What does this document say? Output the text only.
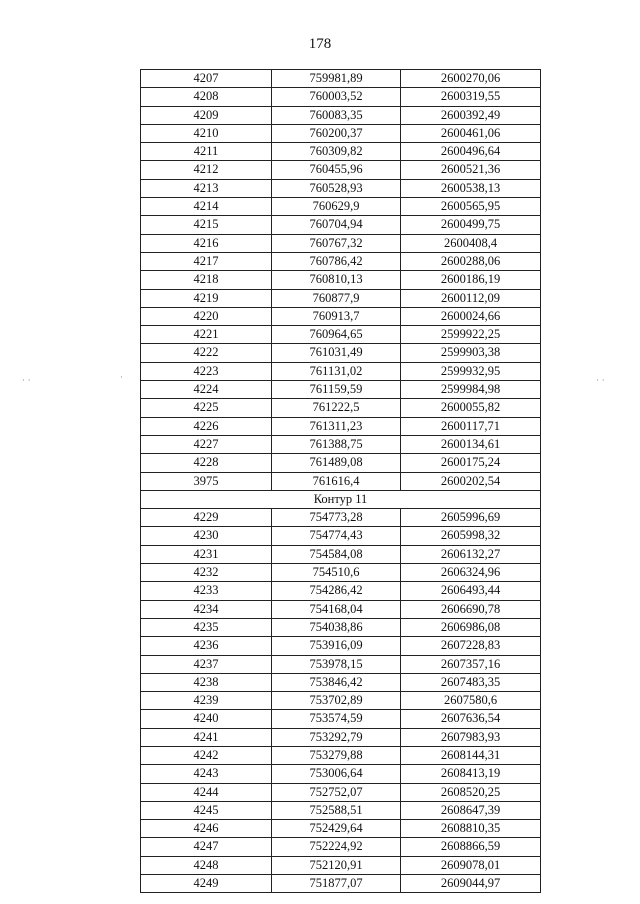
178
4207	759981,89	2600270,06
4208	760003,52	2600319,55
4209	760083,35	2600392,49
4210	760200,37	2600461,06
4211	760309,82	2600496,64
4212	760455,96	2600521,36
4213	760528,93	2600538,13
4214	760629,9	2600565,95
4215	760704,94	2600499,75
4216	760767,32	2600408,4
4217	760786,42	2600288,06
4218	760810,13	2600186,19
4219	760877,9	2600112,09
4220	760913,7	2600024,66
4221	760964,65	2599922,25
4222	761031,49	2599903,38
4223	761131,02	2599932,95
4224	761159,59	2599984,98
4225	761222,5	2600055,82
4226	761311,23	2600117,71
4227	761388,75	2600134,61
4228	761489,08	2600175,24
3975	761616,4	2600202,54
Контур 11		
4229	754773,28	2605996,69
4230	754774,43	2605998,32
4231	754584,08	2606132,27
4232	754510,6	2606324,96
4233	754286,42	2606493,44
4234	754168,04	2606690,78
4235	754038,86	2606986,08
4236	753916,09	2607228,83
4237	753978,15	2607357,16
4238	753846,42	2607483,35
4239	753702,89	2607580,6
4240	753574,59	2607636,54
4241	753292,79	2607983,93
4242	753279,88	2608144,31
4243	753006,64	2608413,19
4244	752752,07	2608520,25
4245	752588,51	2608647,39
4246	752429,64	2608810,35
4247	752224,92	2608866,59
4248	752120,91	2609078,01
4249	751877,07	2609044,97
· ·	·	· ·
